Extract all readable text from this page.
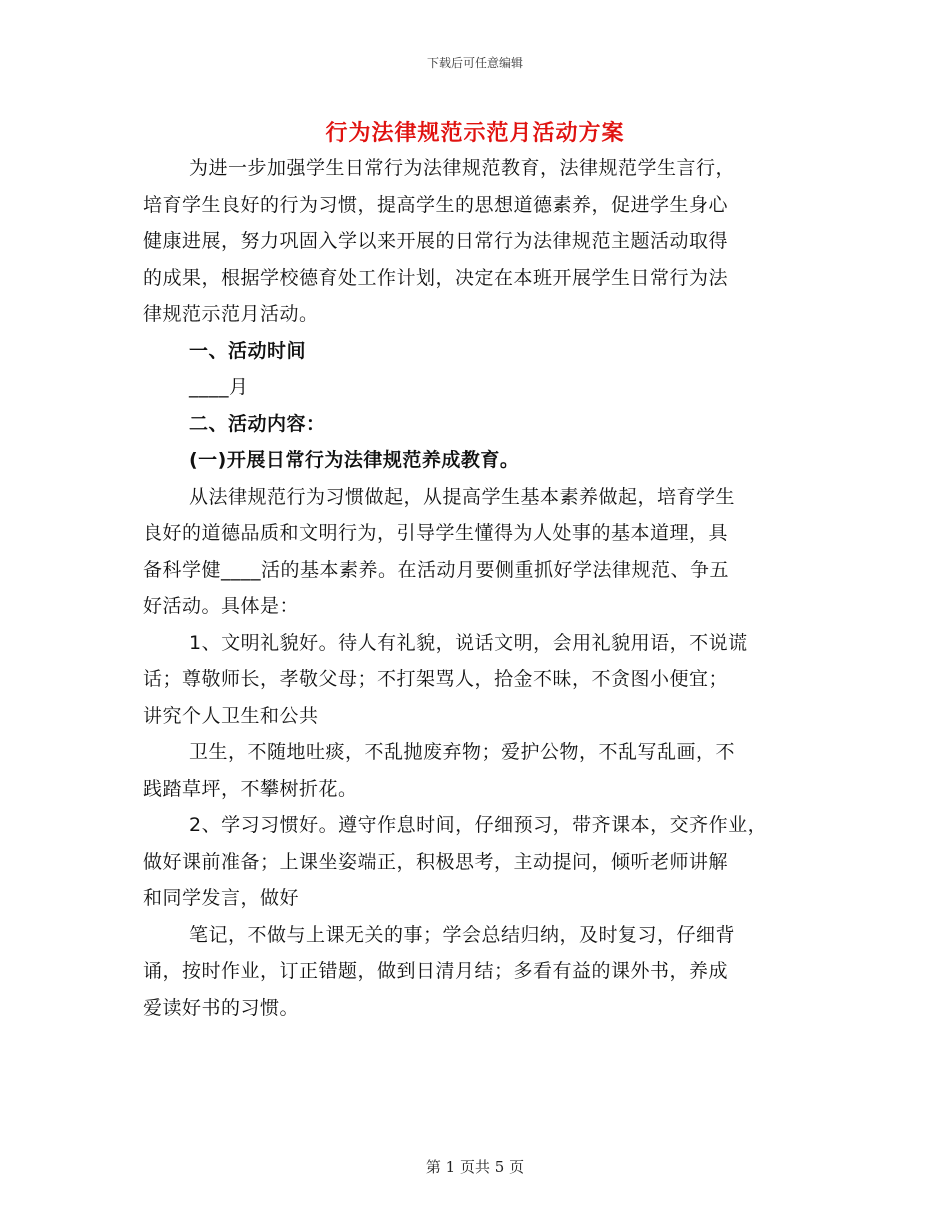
下载后可任意编辑
行为法律规范示范月活动方案

为进一步加强学生日常行为法律规范教育，法律规范学生言行，

培育学生良好的行为习惯，提高学生的思想道德素养，促进学生身心

健康进展，努力巩固入学以来开展的日常行为法律规范主题活动取得

的成果，根据学校德育处工作计划，决定在本班开展学生日常行为法

律规范示范月活动。

一、活动时间

____月

二、活动内容：

(一)开展日常行为法律规范养成教育。

从法律规范行为习惯做起，从提高学生基本素养做起，培育学生

良好的道德品质和文明行为，引导学生懂得为人处事的基本道理，具

备科学健____活的基本素养。在活动月要侧重抓好学法律规范、争五

好活动。具体是：

1、文明礼貌好。待人有礼貌，说话文明，会用礼貌用语，不说谎

话；尊敬师长，孝敬父母；不打架骂人，拾金不昧，不贪图小便宜；

讲究个人卫生和公共

卫生，不随地吐痰，不乱抛废弃物；爱护公物，不乱写乱画，不

践踏草坪，不攀树折花。

2、学习习惯好。遵守作息时间，仔细预习，带齐课本，交齐作业，

做好课前准备；上课坐姿端正，积极思考，主动提问，倾听老师讲解

和同学发言，做好

笔记，不做与上课无关的事；学会总结归纳，及时复习，仔细背

诵，按时作业，订正错题，做到日清月结；多看有益的课外书，养成

爱读好书的习惯。

第 1 页共 5 页
